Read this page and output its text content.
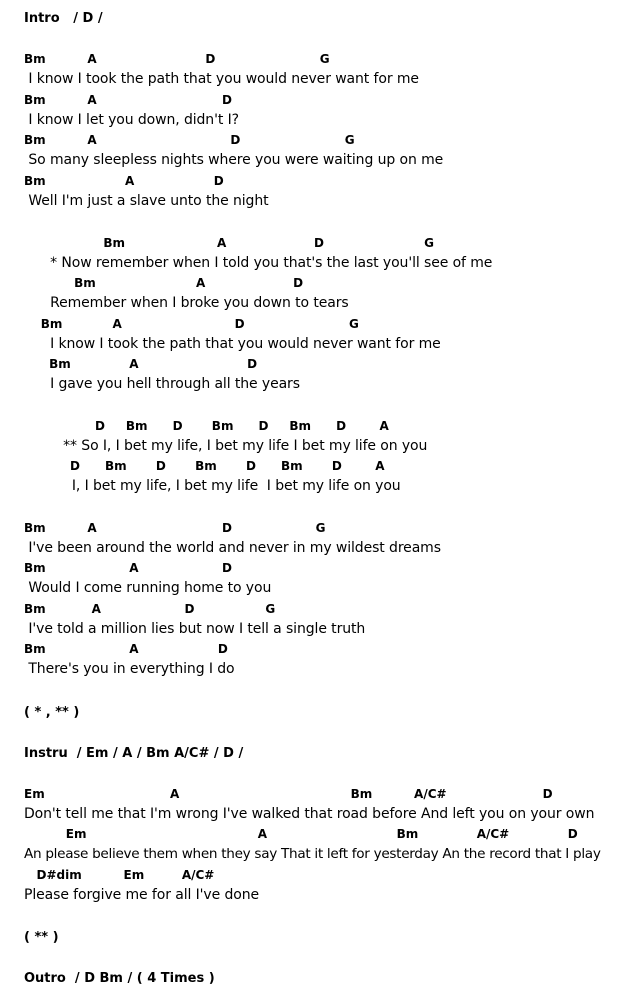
Intro   / D /
Bm          A                          D                         G
I know I took the path that you would never want for me
Bm          A                              D
I know I let you down, didn't I?
Bm          A                                D                         G
So many sleepless nights where you were waiting up on me
Bm                   A                   D
Well I'm just a slave unto the night
Bm                      A                     D                        G
* Now remember when I told you that's the last you'll see of me
Bm                        A                     D
Remember when I broke you down to tears
Bm            A                           D                         G
I know I took the path that you would never want for me
Bm              A                          D
I gave you hell through all the years
D     Bm      D       Bm      D     Bm      D        A
** So I, I bet my life, I bet my life I bet my life on you
D      Bm       D       Bm       D      Bm       D        A
I, I bet my life, I bet my life  I bet my life on you
Bm          A                              D                    G
I've been around the world and never in my wildest dreams
Bm                    A                    D
Would I come running home to you
Bm           A                    D                 G
I've told a million lies but now I tell a single truth
Bm                    A                   D
There's you in everything I do
( * , ** )
Instru  / Em / A / Bm A/C# / D /
Em                              A                                         Bm          A/C#                       D
Don't tell me that I'm wrong I've walked that road before And left you on your own
Em                                         A                               Bm              A/C#              D
An please believe them when they say That it left for yesterday An the record that I play
D#dim          Em         A/C#
Please forgive me for all I've done
( ** )
Outro  / D Bm / ( 4 Times )
